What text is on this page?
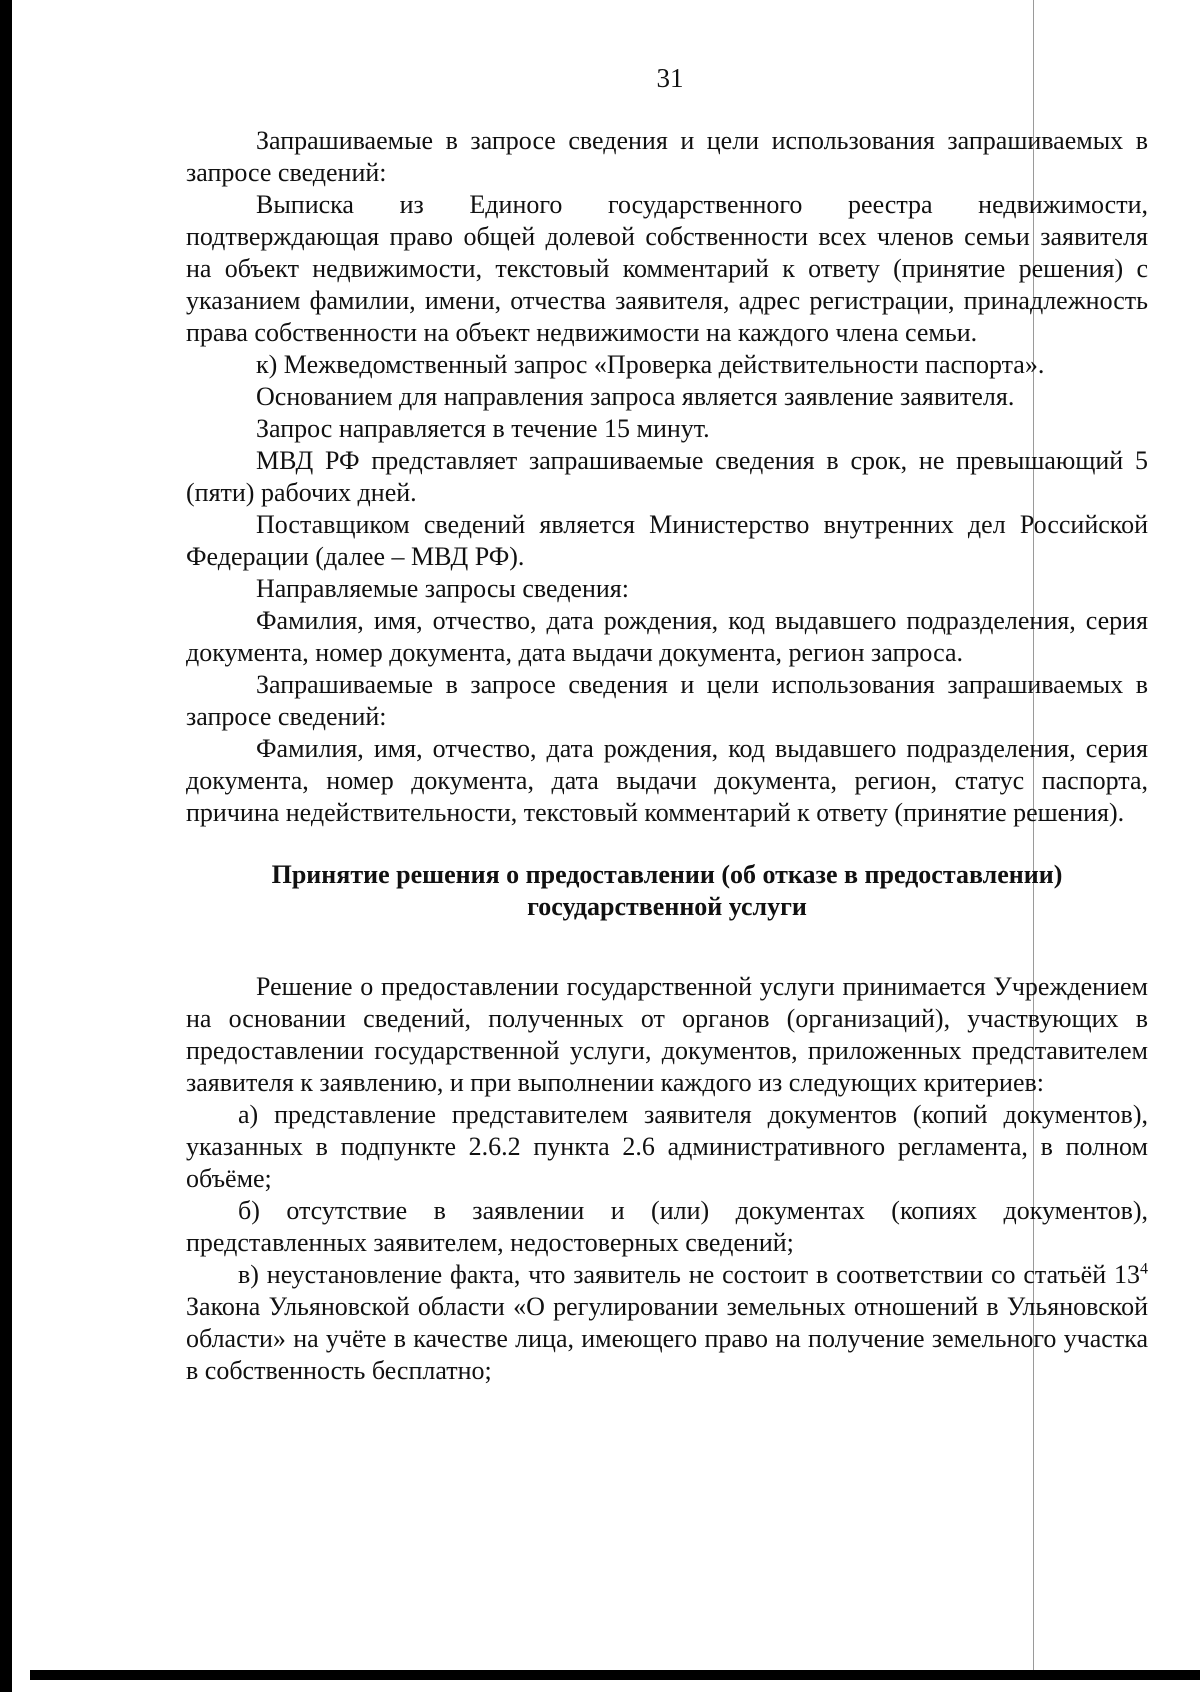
31

Запрашиваемые в запросе сведения и цели использования запрашиваемых в запросе сведений:

Выписка из Единого государственного реестра недвижимости, подтверждающая право общей долевой собственности всех членов семьи заявителя на объект недвижимости, текстовый комментарий к ответу (принятие решения) с указанием фамилии, имени, отчества заявителя, адрес регистрации, принадлежность права собственности на объект недвижимости на каждого члена семьи.

к) Межведомственный запрос «Проверка действительности паспорта».

Основанием для направления запроса является заявление заявителя.

Запрос направляется в течение 15 минут.

МВД РФ представляет запрашиваемые сведения в срок, не превышающий 5 (пяти) рабочих дней.

Поставщиком сведений является Министерство внутренних дел Российской Федерации (далее – МВД РФ).

Направляемые запросы сведения:

Фамилия, имя, отчество, дата рождения, код выдавшего подразделения, серия документа, номер документа, дата выдачи документа, регион запроса.

Запрашиваемые в запросе сведения и цели использования запрашиваемых в запросе сведений:

Фамилия, имя, отчество, дата рождения, код выдавшего подразделения, серия документа, номер документа, дата выдачи документа, регион, статус паспорта, причина недействительности, текстовый комментарий к ответу (принятие решения).

Принятие решения о предоставлении (об отказе в предоставлении) государственной услуги

Решение о предоставлении государственной услуги принимается Учреждением на основании сведений, полученных от органов (организаций), участвующих в предоставлении государственной услуги, документов, приложенных представителем заявителя к заявлению, и при выполнении каждого из следующих критериев:

а) представление представителем заявителя документов (копий документов), указанных в подпункте 2.6.2 пункта 2.6 административного регламента, в полном объёме;

б) отсутствие в заявлении и (или) документах (копиях документов), представленных заявителем, недостоверных сведений;

в) неустановление факта, что заявитель не состоит в соответствии со статьёй $13^4$ Закона Ульяновской области «О регулировании земельных отношений в Ульяновской области» на учёте в качестве лица, имеющего право на получение земельного участка в собственность бесплатно;
